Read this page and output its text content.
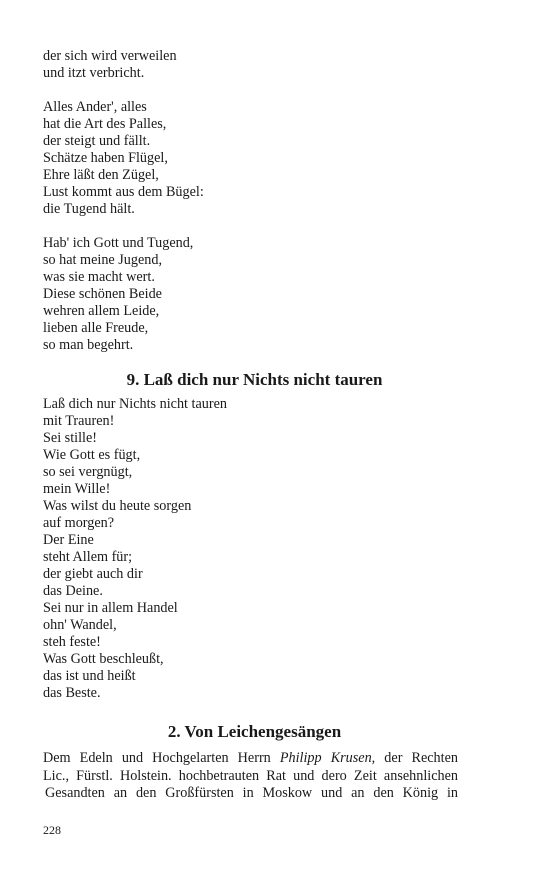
der sich wird verweilen
und itzt verbricht.
Alles Ander', alles
hat die Art des Palles,
der steigt und fällt.
Schätze haben Flügel,
Ehre läßt den Zügel,
Lust kommt aus dem Bügel:
die Tugend hält.
Hab' ich Gott und Tugend,
so hat meine Jugend,
was sie macht wert.
Diese schönen Beide
wehren allem Leide,
lieben alle Freude,
so man begehrt.
9. Laß dich nur Nichts nicht tauren
Laß dich nur Nichts nicht tauren
mit Trauren!
Sei stille!
Wie Gott es fügt,
so sei vergnügt,
mein Wille!
Was wilst du heute sorgen
auf morgen?
Der Eine
steht Allem für;
der giebt auch dir
das Deine.
Sei nur in allem Handel
ohn' Wandel,
steh feste!
Was Gott beschleußt,
das ist und heißt
das Beste.
2. Von Leichengesängen
Dem Edeln und Hochgelarten Herrn Philipp Krusen, der Rechten
Lic., Fürstl. Holstein. hochbetrauten Rat und dero Zeit ansehnlichen
Gesandten an den Großfürsten in Moskow und an den König in
228
